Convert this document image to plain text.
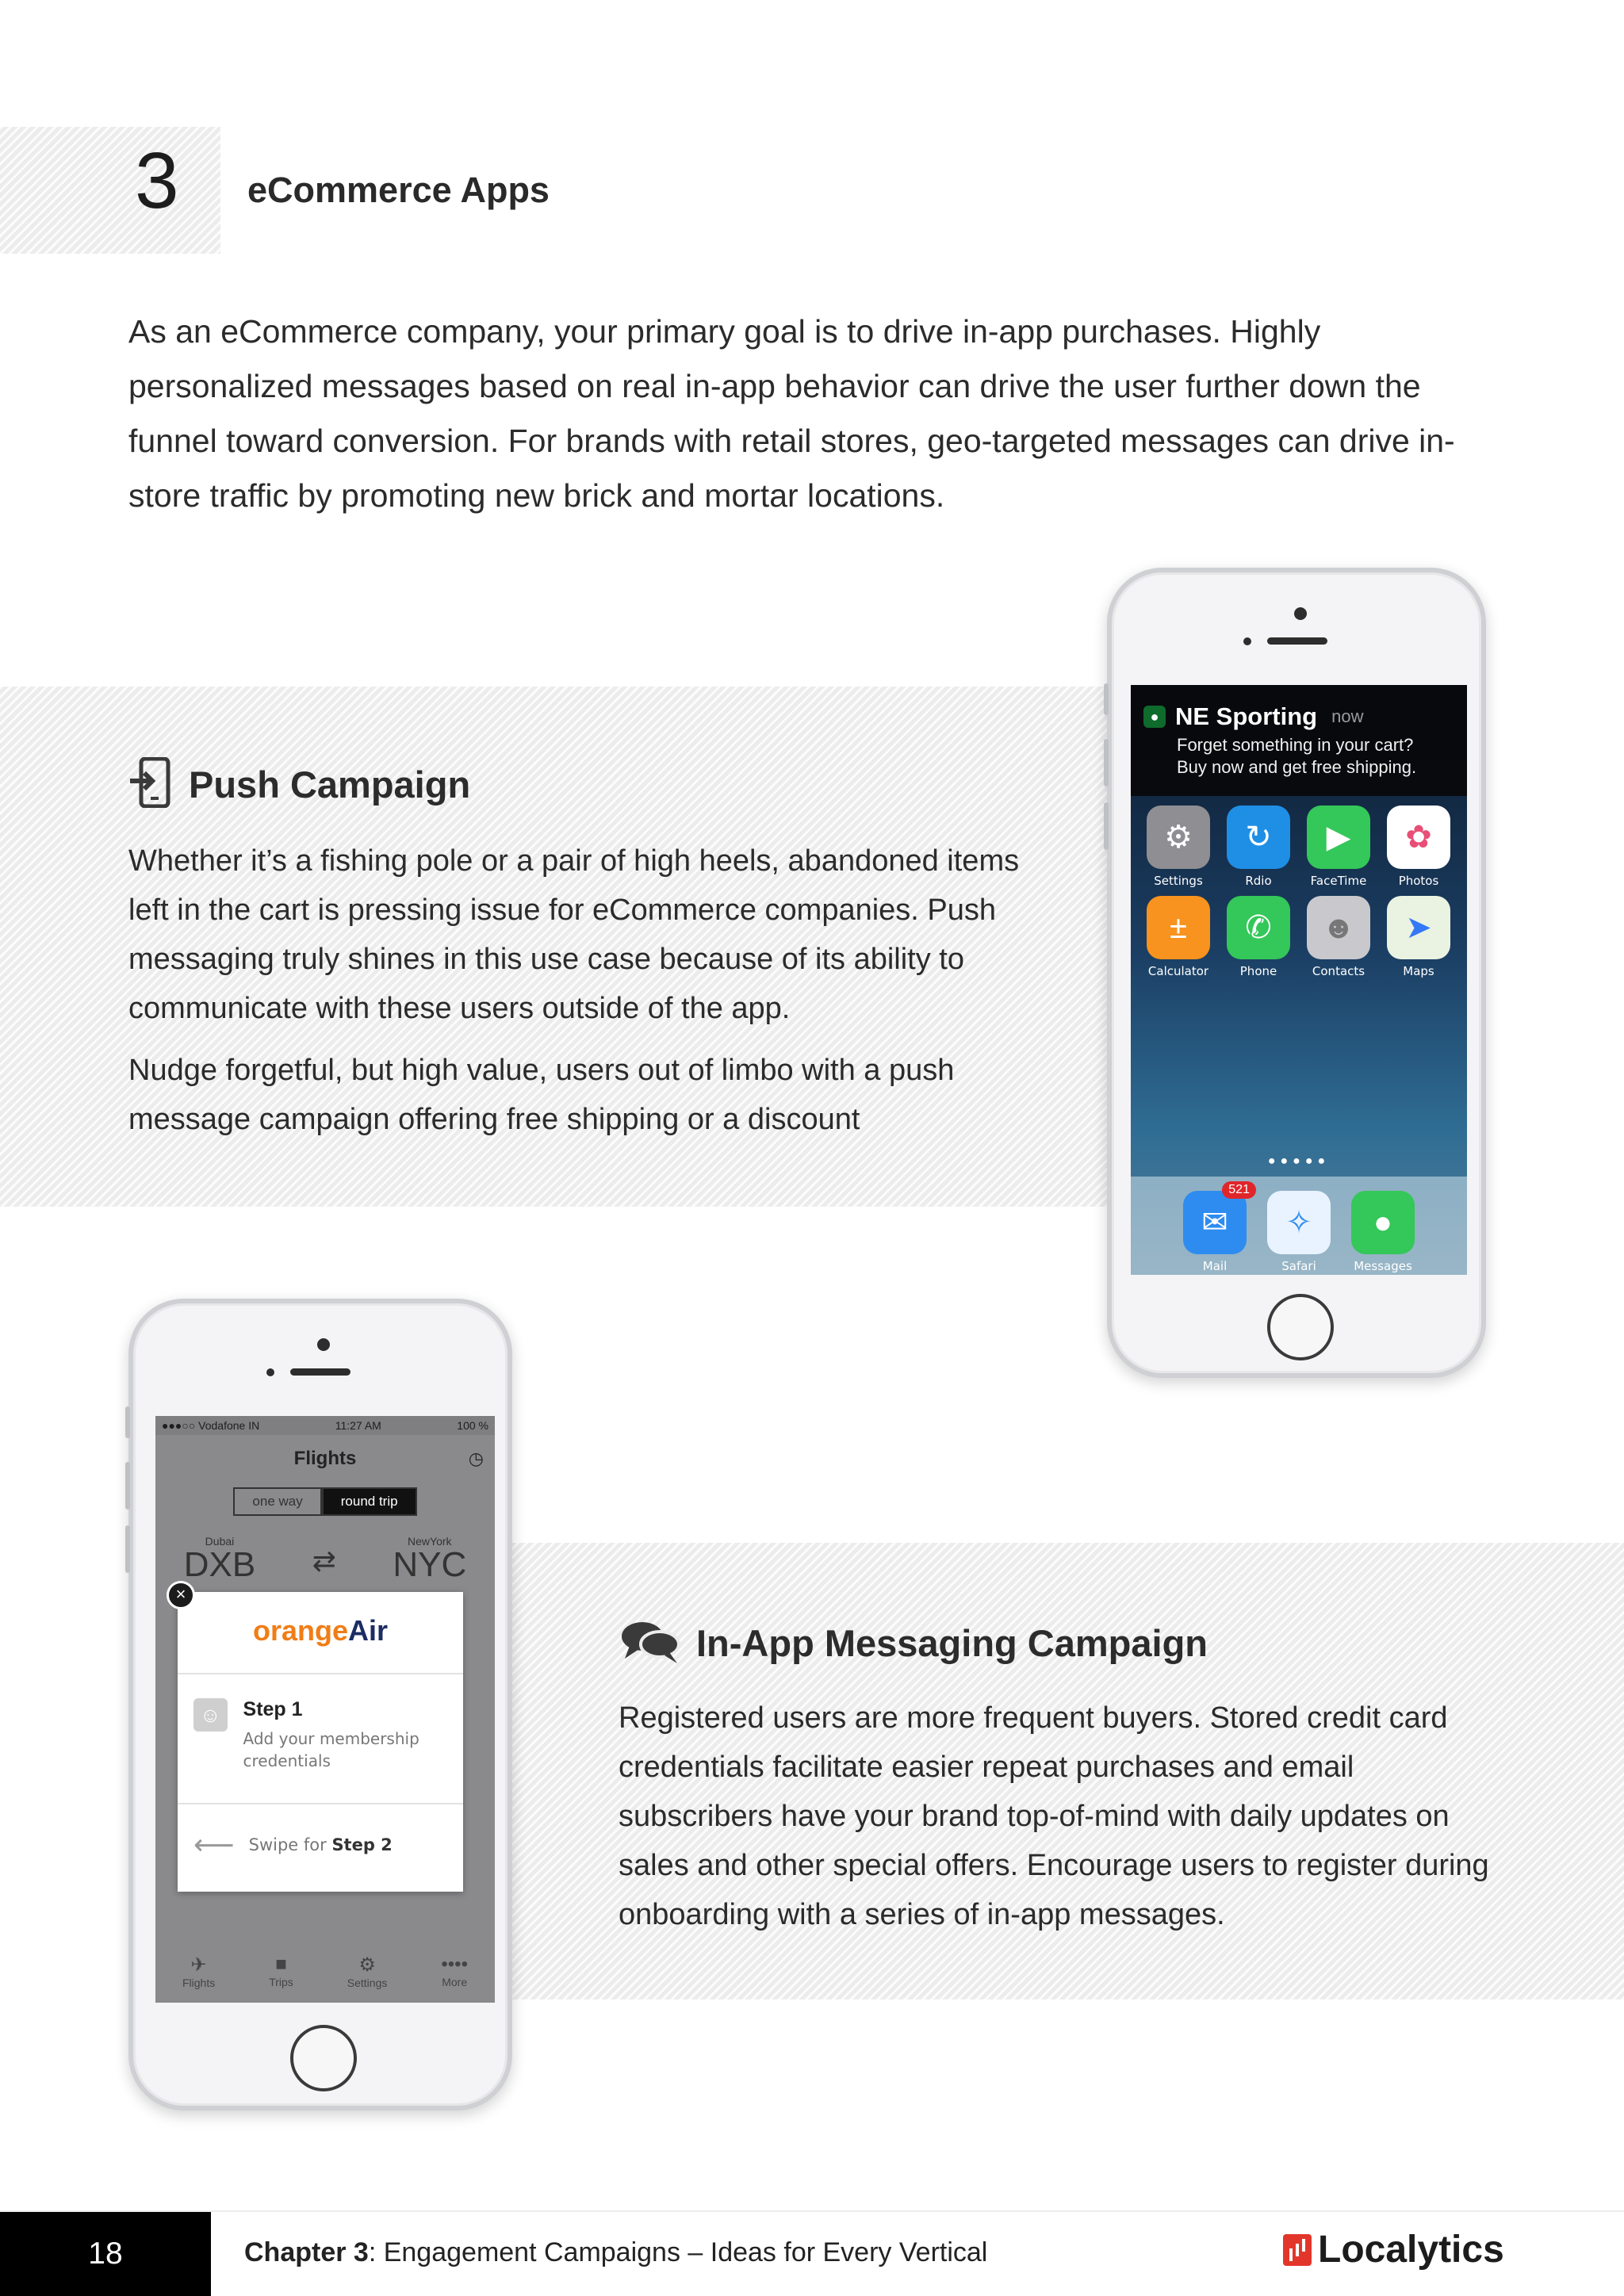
3 eCommerce Apps

As an eCommerce company, your primary goal is to drive in-app purchases. Highly personalized messages based on real in-app behavior can drive the user further down the funnel toward conversion. For brands with retail stores, geo-targeted messages can drive in-store traffic by promoting new brick and mortar locations.

Push Campaign

Whether it’s a fishing pole or a pair of high heels, abandoned items left in the cart is pressing issue for eCommerce companies. Push messaging truly shines in this use case because of its ability to communicate with these users outside of the app.

Nudge forgetful, but high value, users out of limbo with a push message campaign offering free shipping or a discount

In-App Messaging Campaign

Registered users are more frequent buyers. Stored credit card credentials facilitate easier repeat purchases and email subscribers have your brand top-of-mind with daily updates on sales and other special offers. Encourage users to register during onboarding with a series of in-app messages.

● NE Sporting now
Forget something in your cart?
Buy now and get free shipping.
⚙
Settings
↻
Rdio
▶
FaceTime
✿
Photos
±
Calculator
✆
Phone
☻
Contacts
➤
Maps
●●●●●
✉
521
Mail
✧
Safari
●
Messages
●●●○○ Vodafone IN	11:27 AM	100 %
Flights	◷
one way	round trip
Dubai
DXB ⇄
NewYork
NYC
✈
Flights
■
Trips
⚙
Settings
••••
More
×
orangeAir
☺	Step 1
Add your membership credentials
⟵ Swipe for Step 2
18	Chapter 3: Engagement Campaigns – Ideas for Every Vertical	Localytics
